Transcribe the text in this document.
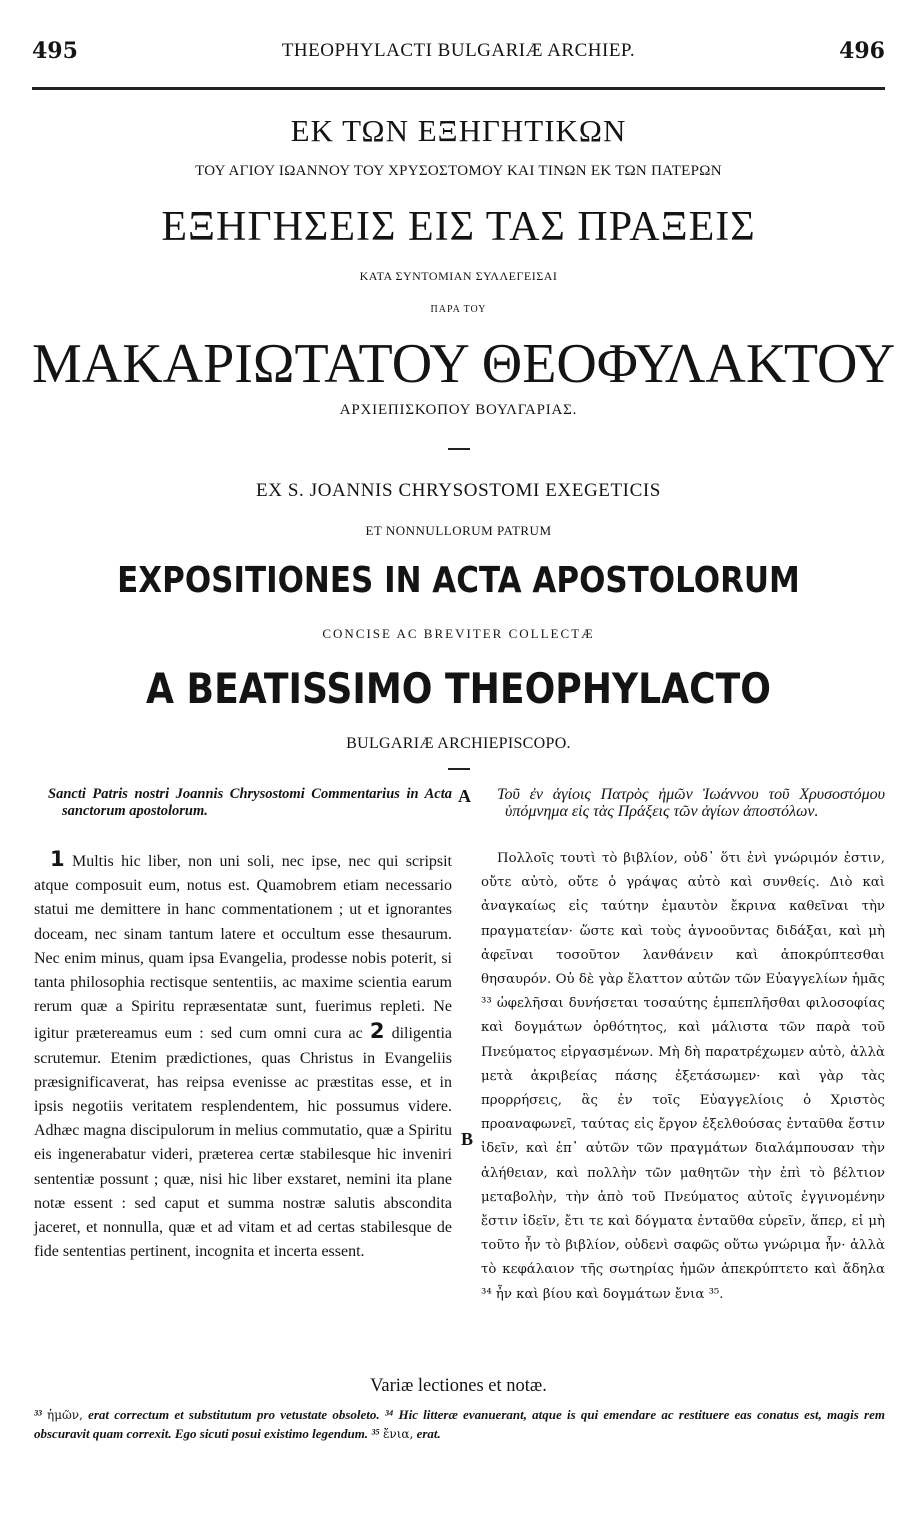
495	THEOPHYLACTI BULGARIÆ ARCHIEP.	496
ΕΚ ΤΩΝ ΕΞΗΓΗΤΙΚΩΝ
ΤΟΥ ΑΓΙΟΥ ΙΩΑΝΝΟΥ ΤΟΥ ΧΡΥΣΟΣΤΟΜΟΥ ΚΑΙ ΤΙΝΩΝ ΕΚ ΤΩΝ ΠΑΤΕΡΩΝ
ΕΞΗΓΗΣΕΙΣ ΕΙΣ ΤΑΣ ΠΡΑΞΕΙΣ
ΚΑΤΑ ΣΥΝΤΟΜΙΑΝ ΣΥΛΛΕΓΕΙΣΑΙ
ΠΑΡΑ ΤΟΥ
ΜΑΚΑΡΙΩΤΑΤΟΥ ΘΕΟΦΥΛΑΚΤΟΥ
ΑΡΧΙΕΠΙΣΚΟΠΟΥ ΒΟΥΛΓΑΡΙΑΣ.
EX S. JOANNIS CHRYSOSTOMI EXEGETICIS
ET NONNULLORUM PATRUM
EXPOSITIONES IN ACTA APOSTOLORUM
CONCISE AC BREVITER COLLECTÆ
A BEATISSIMO THEOPHYLACTO
BULGARIÆ ARCHIEPISCOPO.
A
B
Sancti Patris nostri Joannis Chrysostomi Commentarius in Acta sanctorum apostolorum.

1 Multis hic liber, non uni soli, nec ipse, nec qui scripsit atque composuit eum, notus est. Quamobrem etiam necessario statui me demittere in hanc commentationem ; ut et ignorantes doceam, nec sinam tantum latere et occultum esse thesaurum. Nec enim minus, quam ipsa Evangelia, prodesse nobis poterit, si tanta philosophia rectisque sententiis, ac maxime scientia earum rerum quæ a Spiritu repræsentatæ sunt, fuerimus repleti. Ne igitur prætereamus eum : sed cum omni cura ac 2 diligentia scrutemur. Etenim prædictiones, quas Christus in Evangeliis præsignificaverat, has reipsa evenisse ac præstitas esse, et in ipsis negotiis veritatem resplendentem, hic possumus videre. Adhæc magna discipulorum in melius commutatio, quæ a Spiritu eis ingenerabatur videri, præterea certæ stabilesque hic inveniri sententiæ possunt ; quæ, nisi hic liber exstaret, nemini ita plane notæ essent : sed caput et summa nostræ salutis abscondita jaceret, et nonnulla, quæ et ad vitam et ad certas stabilesque de fide sententias pertinent, incognita et incerta essent.

Τοῦ ἐν ἁγίοις Πατρὸς ἡμῶν Ἰωάννου τοῦ Χρυσοστόμου ὑπόμνημα εἰς τὰς Πράξεις τῶν ἁγίων ἀποστόλων.

Πολλοῖς τουτὶ τὸ βιβλίον, οὐδ᾽ ὅτι ἑνὶ γνώριμόν ἐστιν, οὔτε αὐτὸ, οὔτε ὁ γράψας αὐτὸ καὶ συνθείς. Διὸ καὶ ἀναγκαίως εἰς ταύτην ἐμαυτὸν ἔκρινα καθεῖναι τὴν πραγματείαν· ὥστε καὶ τοὺς ἀγνοοῦντας διδάξαι, καὶ μὴ ἀφεῖναι τοσοῦτον λανθάνειν καὶ ἀποκρύπτεσθαι θησαυρόν. Οὐ δὲ γὰρ ἔλαττον αὐτῶν τῶν Εὐαγγελίων ἡμᾶς ³³ ὠφελῆσαι δυνήσεται τοσαύτης ἐμπεπλῆσθαι φιλοσοφίας καὶ δογμάτων ὀρθότητος, καὶ μάλιστα τῶν παρὰ τοῦ Πνεύματος εἰργασμένων. Μὴ δὴ παρατρέχωμεν αὐτὸ, ἀλλὰ μετὰ ἀκριβείας πάσης ἐξετάσωμεν· καὶ γὰρ τὰς προρρήσεις, ἃς ἐν τοῖς Εὐαγγελίοις ὁ Χριστὸς προαναφωνεῖ, ταύτας εἰς ἔργον ἐξελθούσας ἐνταῦθα ἔστιν ἰδεῖν, καὶ ἐπ᾽ αὐτῶν τῶν πραγμάτων διαλάμπουσαν τὴν ἀλήθειαν, καὶ πολλὴν τῶν μαθητῶν τὴν ἐπὶ τὸ βέλτιον μεταβολὴν, τὴν ἀπὸ τοῦ Πνεύματος αὐτοῖς ἐγγινομένην ἔστιν ἰδεῖν, ἔτι τε καὶ δόγματα ἐνταῦθα εὑρεῖν, ἅπερ, εἰ μὴ τοῦτο ἦν τὸ βιβλίον, οὐδενὶ σαφῶς οὕτω γνώριμα ἦν· ἀλλὰ τὸ κεφάλαιον τῆς σωτηρίας ἡμῶν ἀπεκρύπτετο καὶ ἄδηλα ³⁴ ἦν καὶ βίου καὶ δογμάτων ἔνια ³⁵.

Variæ lectiones et notæ.
³³ ἡμῶν, erat correctum et substitutum pro vetustate obsoleto. ³⁴ Hic litteræ evanuerant, atque is qui emendare ac restituere eas conatus est, magis rem obscuravit quam correxit. Ego sicuti posui existimo legendum. ³⁵ ἔνια, erat.
